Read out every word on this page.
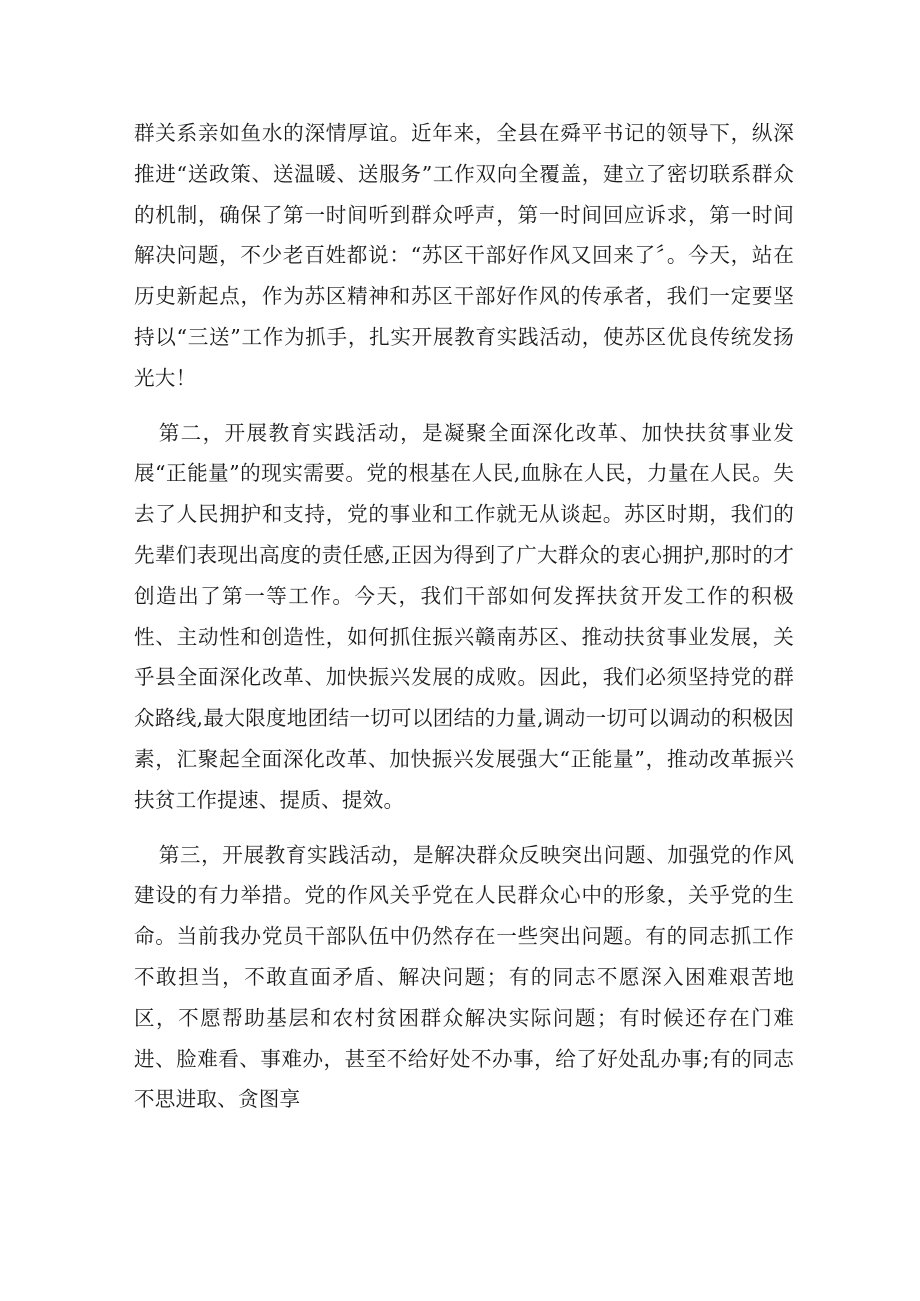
群关系亲如鱼水的深情厚谊。近年来，全县在舜平书记的领导下，纵深推进“送政策、送温暖、送服务”工作双向全覆盖，建立了密切联系群众的机制，确保了第一时间听到群众呼声，第一时间回应诉求，第一时间解决问题，不少老百姓都说：“苏区干部好作风又回来了〞。今天，站在历史新起点，作为苏区精神和苏区干部好作风的传承者，我们一定要坚持以“三送”工作为抓手，扎实开展教育实践活动，使苏区优良传统发扬光大！

第二，开展教育实践活动，是凝聚全面深化改革、加快扶贫事业发展“正能量”的现实需要。党的根基在人民,血脉在人民，力量在人民。失去了人民拥护和支持，党的事业和工作就无从谈起。苏区时期，我们的先辈们表现出高度的责任感,正因为得到了广大群众的衷心拥护,那时的才创造出了第一等工作。今天，我们干部如何发挥扶贫开发工作的积极性、主动性和创造性，如何抓住振兴赣南苏区、推动扶贫事业发展，关乎县全面深化改革、加快振兴发展的成败。因此，我们必须坚持党的群众路线,最大限度地团结一切可以团结的力量,调动一切可以调动的积极因素，汇聚起全面深化改革、加快振兴发展强大“正能量”，推动改革振兴扶贫工作提速、提质、提效。

第三，开展教育实践活动，是解决群众反映突出问题、加强党的作风建设的有力举措。党的作风关乎党在人民群众心中的形象，关乎党的生命。当前我办党员干部队伍中仍然存在一些突出问题。有的同志抓工作不敢担当，不敢直面矛盾、解决问题；有的同志不愿深入困难艰苦地区，不愿帮助基层和农村贫困群众解决实际问题；有时候还存在门难进、脸难看、事难办，甚至不给好处不办事，给了好处乱办事;有的同志不思进取、贪图享
